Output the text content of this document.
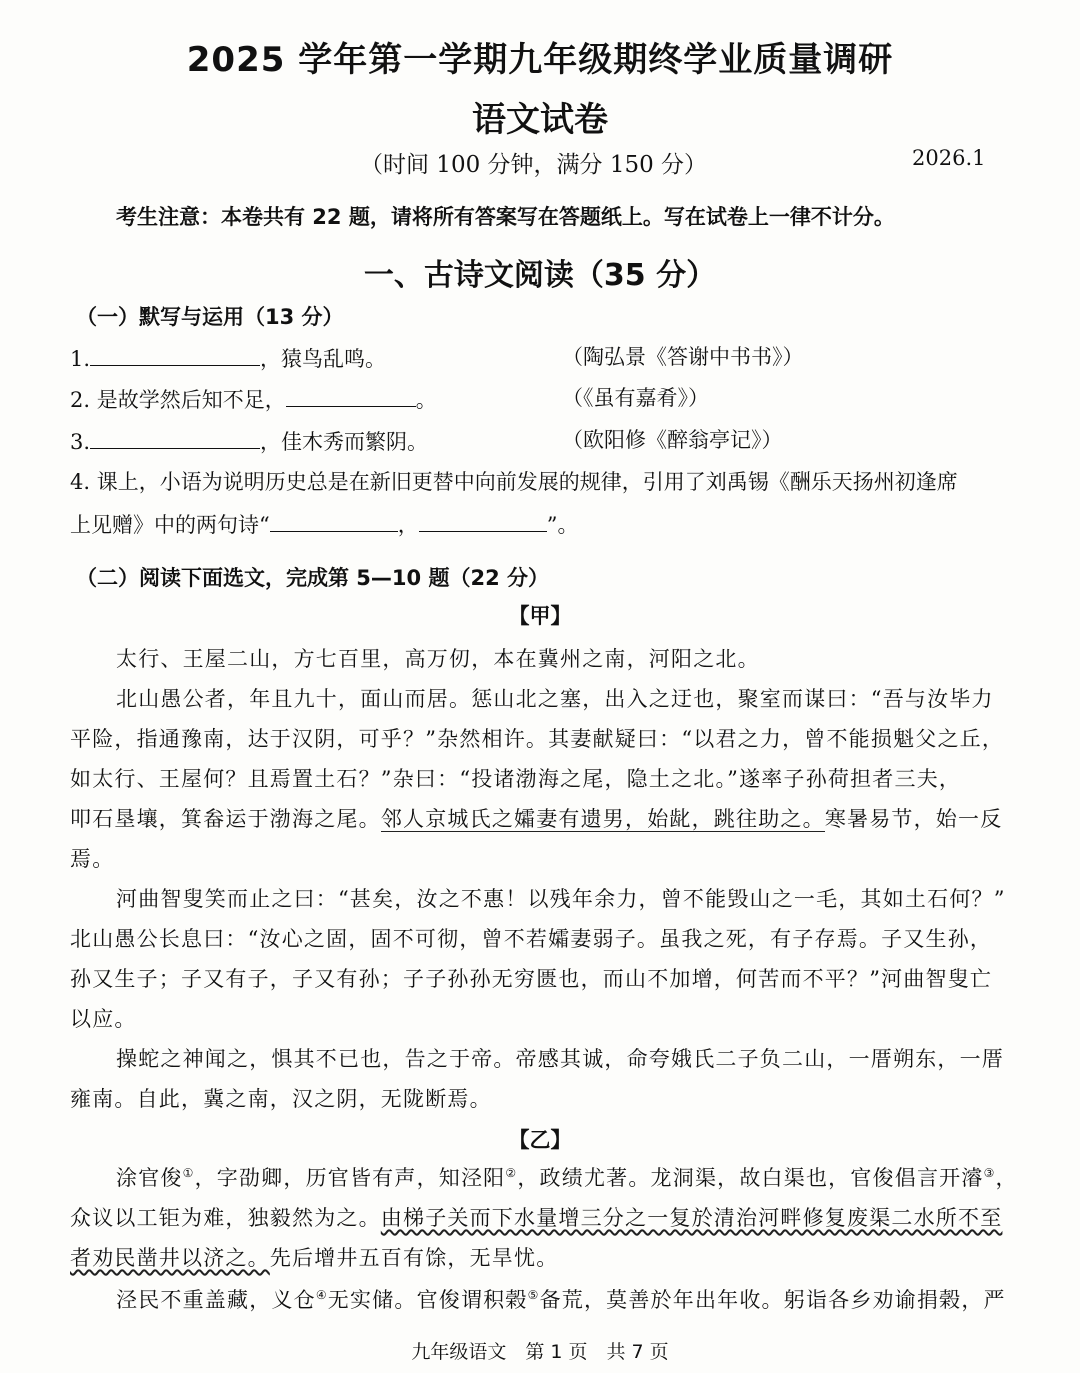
2025 学年第一学期九年级期终学业质量调研
语文试卷
（时间 100 分钟，满分 150 分）	2026.1
考生注意：本卷共有 22 题，请将所有答案写在答题纸上。写在试卷上一律不计分。
一、古诗文阅读（35 分）
（一）默写与运用（13 分）
1.	，猿鸟乱鸣。	（陶弘景《答谢中书书》）
2. 是故学然后知不足，	。	（《虽有嘉肴》）
3.	，佳木秀而繁阴。	（欧阳修《醉翁亭记》）
4. 课上，小语为说明历史总是在新旧更替中向前发展的规律，引用了刘禹锡《酬乐天扬州初逢席
上见赠》中的两句诗“	，	”。
（二）阅读下面选文，完成第 5—10 题（22 分）
【甲】
太行、王屋二山，方七百里，高万仞，本在冀州之南，河阳之北。
北山愚公者，年且九十，面山而居。惩山北之塞，出入之迂也，聚室而谋曰：“吾与汝毕力
平险，指通豫南，达于汉阴，可乎？”杂然相许。其妻献疑曰：“以君之力，曾不能损魁父之丘，
如太行、王屋何？且焉置土石？”杂曰：“投诸渤海之尾，隐土之北。”遂率子孙荷担者三夫，
叩石垦壤，箕畚运于渤海之尾。邻人京城氏之孀妻有遗男，始龀，跳往助之。寒暑易节，始一反
焉。
河曲智叟笑而止之曰：“甚矣，汝之不惠！以残年余力，曾不能毁山之一毛，其如土石何？”
北山愚公长息曰：“汝心之固，固不可彻，曾不若孀妻弱子。虽我之死，有子存焉。子又生孙，
孙又生子；子又有子，子又有孙；子子孙孙无穷匮也，而山不加增，何苦而不平？”河曲智叟亡
以应。
操蛇之神闻之，惧其不已也，告之于帝。帝感其诚，命夸娥氏二子负二山，一厝朔东，一厝
雍南。自此，冀之南，汉之阴，无陇断焉。
【乙】
涂官俊①，字劭卿，历官皆有声，知泾阳②，政绩尤著。龙洞渠，故白渠也，官俊倡言开濬③，
众议以工钜为难，独毅然为之。由梯子关而下水量增三分之一复於清治河畔修复废渠二水所不至
者劝民凿井以济之。先后增井五百有馀，无旱忧。
泾民不重盖藏，义仓④无实储。官俊谓积榖⑤备荒，莫善於年出年收。躬诣各乡劝谕捐榖，严
九年级语文　第 1 页　共 7 页
